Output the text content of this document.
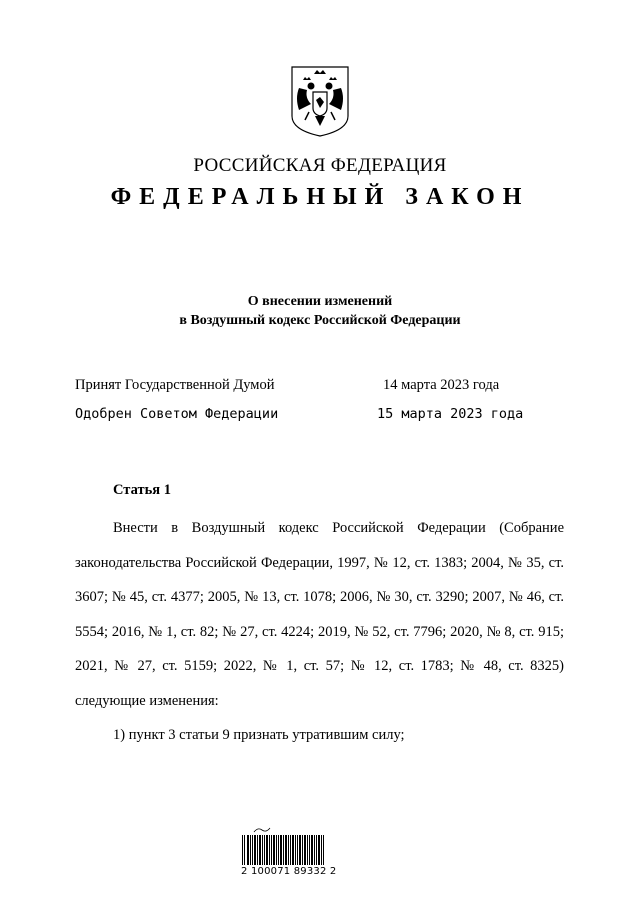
РОССИЙСКАЯ ФЕДЕРАЦИЯ
ФЕДЕРАЛЬНЫЙ ЗАКОН
О внесении изменений
в Воздушный кодекс Российской Федерации
Принят Государственной Думой	14 марта 2023 года
Одобрен Советом Федерации	15 марта 2023 года
Статья 1

Внести в Воздушный кодекс Российской Федерации (Собрание законодательства Российской Федерации, 1997, № 12, ст. 1383; 2004, № 35, ст. 3607; № 45, ст. 4377; 2005, № 13, ст. 1078; 2006, № 30, ст. 3290; 2007, № 46, ст. 5554; 2016, № 1, ст. 82; № 27, ст. 4224; 2019, № 52, ст. 7796; 2020, № 8, ст. 915; 2021, № 27, ст. 5159; 2022, № 1, ст. 57; № 12, ст. 1783; № 48, ст. 8325) следующие изменения:

1) пункт 3 статьи 9 признать утратившим силу;

2 100071 89332 2
